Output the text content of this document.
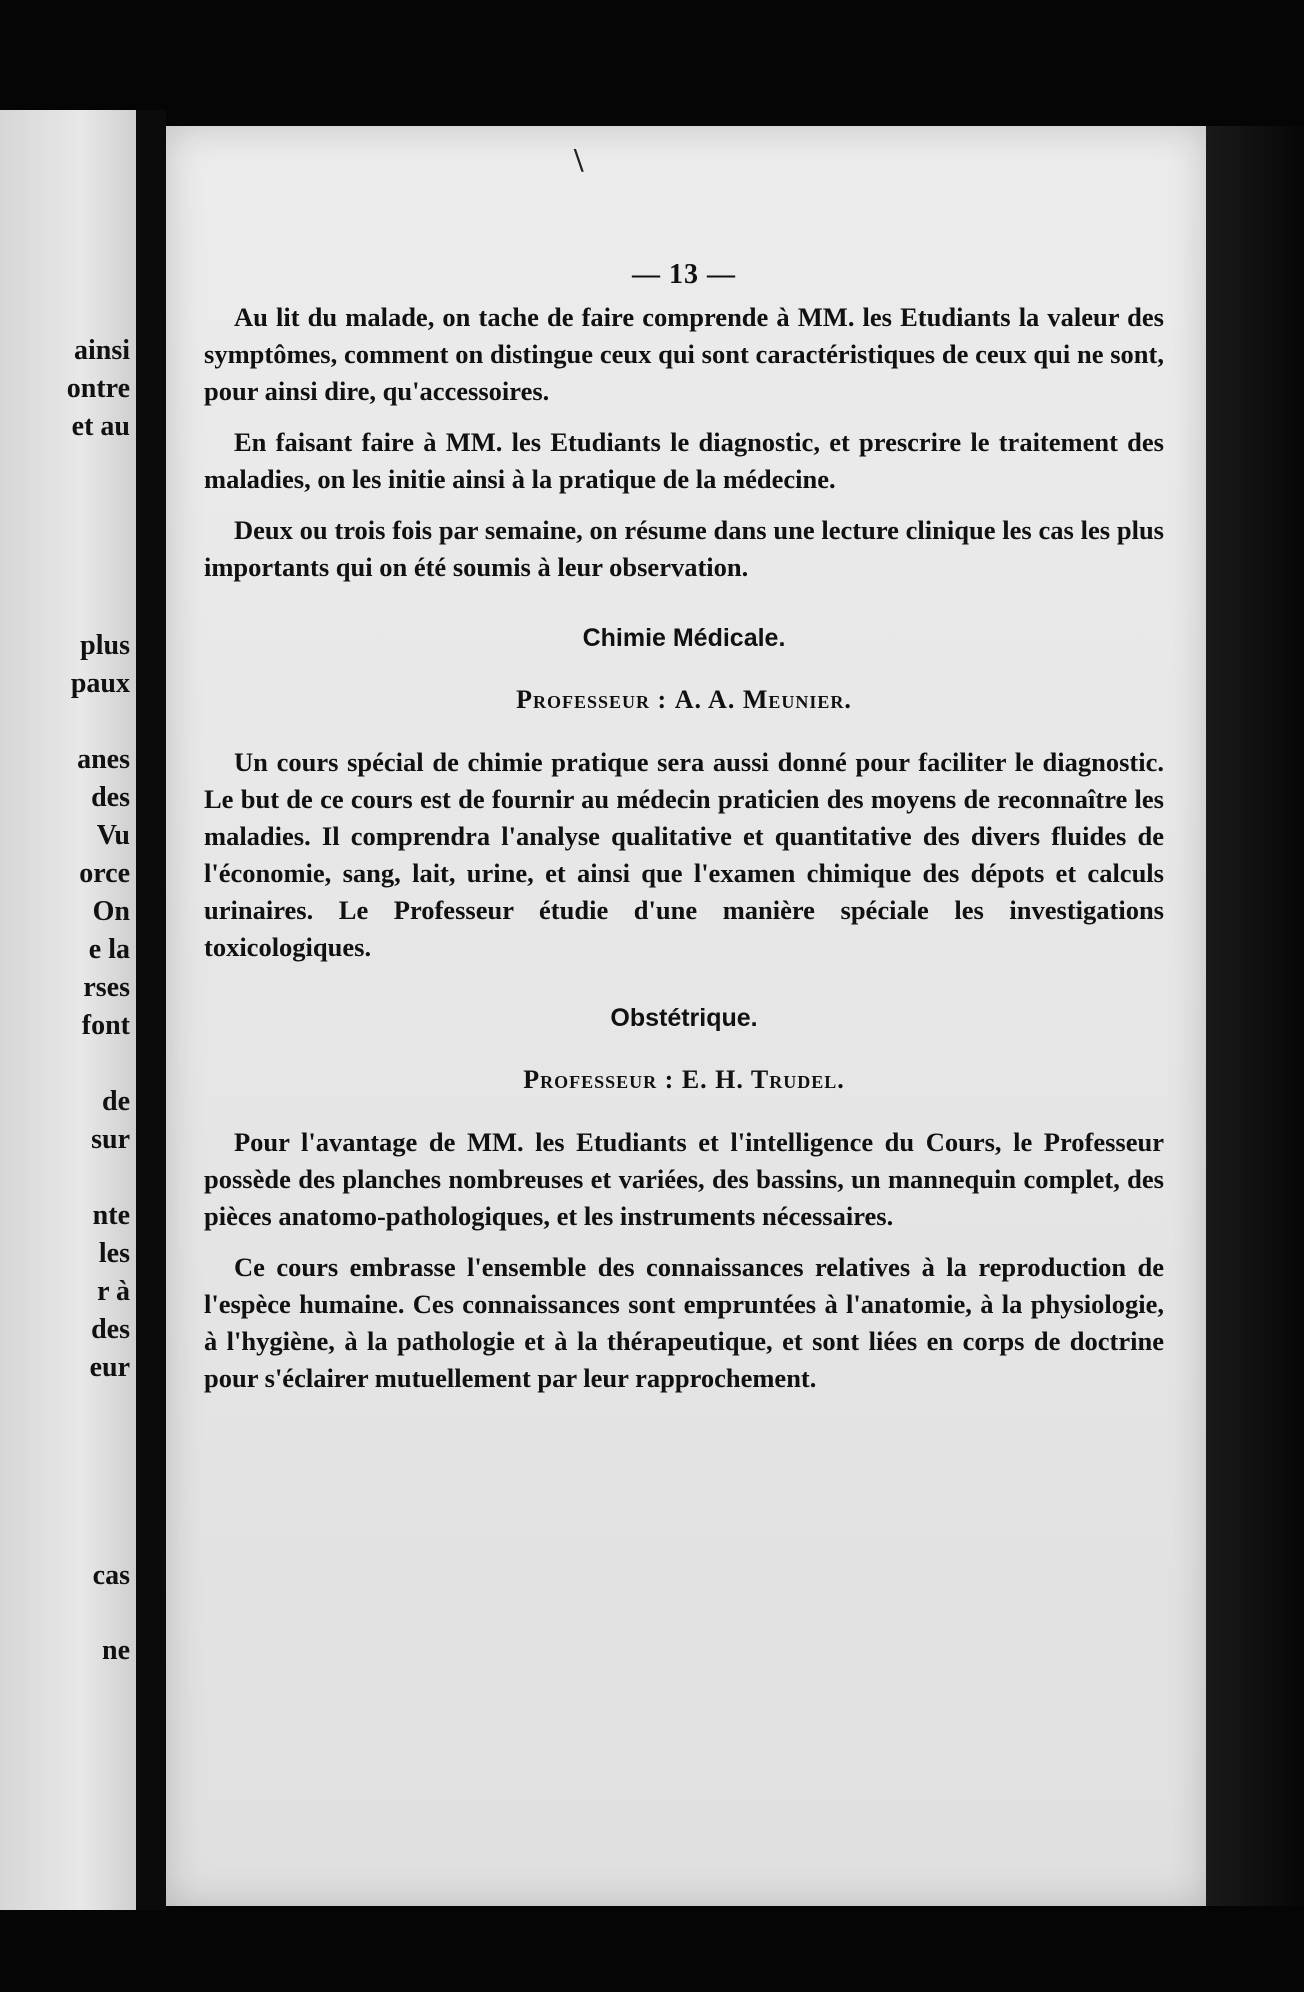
ainsi
ontre
et au
plus
paux
anes
des
Vu
orce
On
e la
rses
font
de
sur
nte
les
r à
des
eur
cas
ne
\
— 13 —

Au lit du malade, on tache de faire comprende à MM. les Etudiants la valeur des symptômes, comment on distingue ceux qui sont caractéristiques de ceux qui ne sont, pour ainsi dire, qu'accessoires.

En faisant faire à MM. les Etudiants le diagnostic, et prescrire le traitement des maladies, on les initie ainsi à la pratique de la médecine.

Deux ou trois fois par semaine, on résume dans une lecture clinique les cas les plus importants qui on été soumis à leur observation.

Chimie Médicale.
Professeur : A. A. Meunier.

Un cours spécial de chimie pratique sera aussi donné pour faciliter le diagnostic. Le but de ce cours est de fournir au médecin praticien des moyens de reconnaître les maladies. Il comprendra l'analyse qualitative et quantitative des divers fluides de l'économie, sang, lait, urine, et ainsi que l'examen chimique des dépots et calculs urinaires. Le Professeur étudie d'une manière spéciale les investigations toxicologiques.

Obstétrique.
Professeur : E. H. Trudel.

Pour l'avantage de MM. les Etudiants et l'intelligence du Cours, le Professeur possède des planches nombreuses et variées, des bassins, un mannequin complet, des pièces anatomo-pathologiques, et les instruments nécessaires.

Ce cours embrasse l'ensemble des connaissances relatives à la reproduction de l'espèce humaine. Ces connaissances sont empruntées à l'anatomie, à la physiologie, à l'hygiène, à la pathologie et à la thérapeutique, et sont liées en corps de doctrine pour s'éclairer mutuellement par leur rapprochement.
